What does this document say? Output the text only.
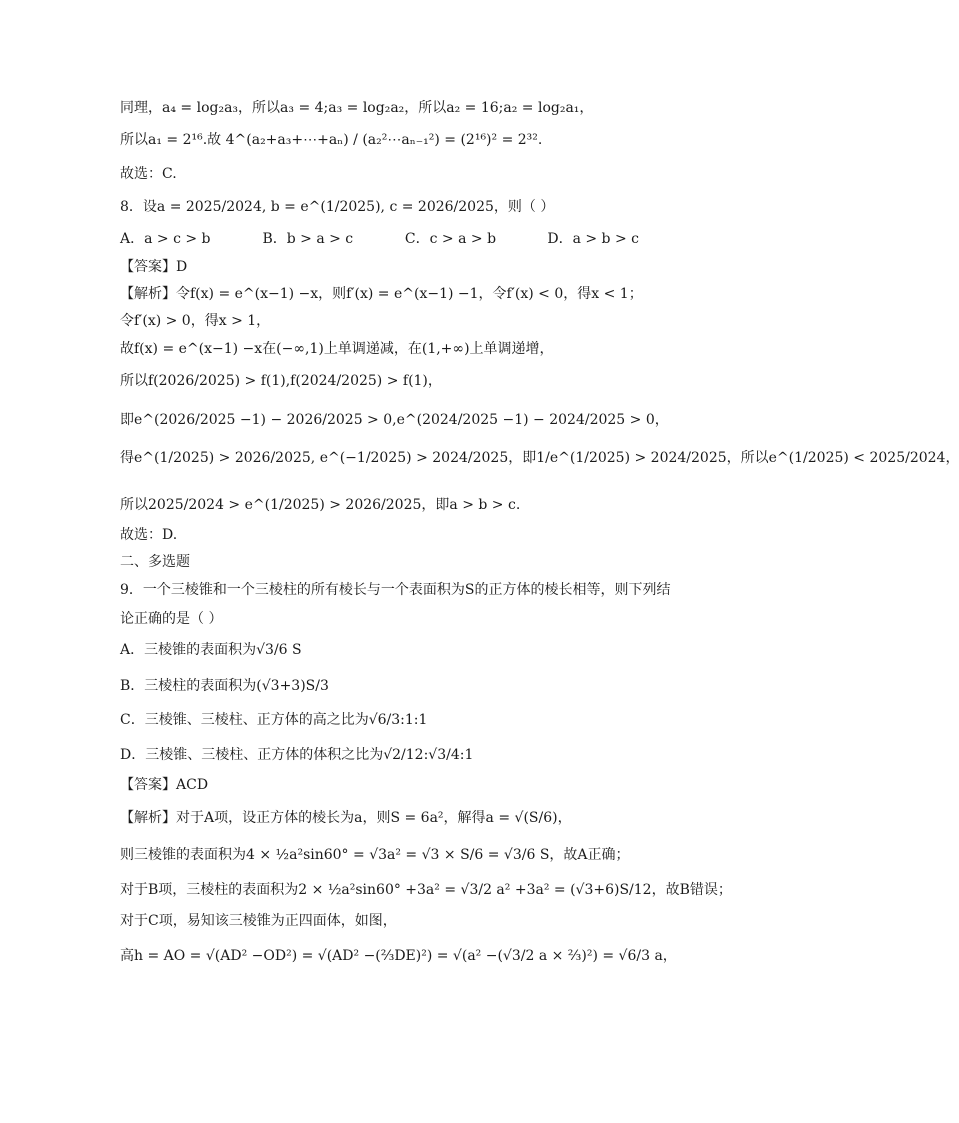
同理，a₄ = log₂a₃，所以a₃ = 4;a₃ = log₂a₂，所以a₂ = 16;a₂ = log₂a₁，
所以a₁ = 2¹⁶.故 4^(a₂+a₃+⋯+aₙ) / (a₂²⋯aₙ₋₁²) = (2¹⁶)² = 2³².
故选：C.
8．设a = 2025/2024, b = e^(1/2025), c = 2026/2025，则（ ）
A．a > c > b	B．b > a > c	C．c > a > b	D．a > b > c
【答案】D
【解析】令f(x) = e^(x−1) −x，则f′(x) = e^(x−1) −1，令f′(x) < 0，得x < 1；
令f′(x) > 0，得x > 1，
故f(x) = e^(x−1) −x在(−∞,1)上单调递减，在(1,+∞)上单调递增，
所以f(2026/2025) > f(1),f(2024/2025) > f(1)，
即e^(2026/2025 −1) − 2026/2025 > 0,e^(2024/2025 −1) − 2024/2025 > 0，
得e^(1/2025) > 2026/2025, e^(−1/2025) > 2024/2025，即1/e^(1/2025) > 2024/2025，所以e^(1/2025) < 2025/2024，
所以2025/2024 > e^(1/2025) > 2026/2025，即a > b > c.
故选：D.
二、多选题
9．一个三棱锥和一个三棱柱的所有棱长与一个表面积为S的正方体的棱长相等，则下列结
论正确的是（ ）
A．三棱锥的表面积为√3/6 S
B．三棱柱的表面积为(√3+3)S/3
C．三棱锥、三棱柱、正方体的高之比为√6/3:1:1
D．三棱锥、三棱柱、正方体的体积之比为√2/12:√3/4:1
【答案】ACD
【解析】对于A项，设正方体的棱长为a，则S = 6a²，解得a = √(S/6)，
则三棱锥的表面积为4 × ½a²sin60° = √3a² = √3 × S/6 = √3/6 S，故A正确；
对于B项，三棱柱的表面积为2 × ½a²sin60° +3a² = √3/2 a² +3a² = (√3+6)S/12，故B错误；
对于C项，易知该三棱锥为正四面体，如图，
高h = AO = √(AD² −OD²) = √(AD² −(⅔DE)²) = √(a² −(√3/2 a × ⅔)²) = √6/3 a，
